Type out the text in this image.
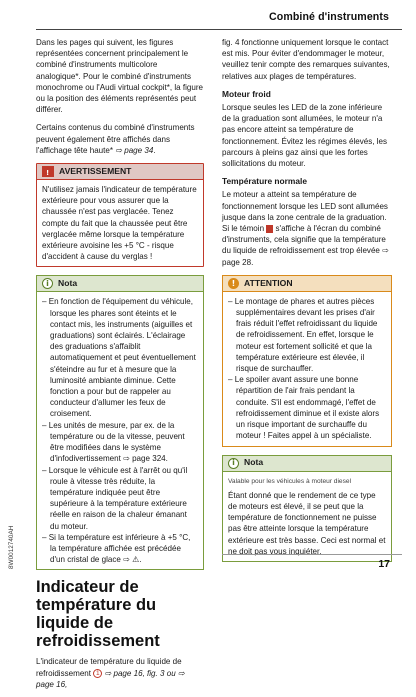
Combiné d'instruments
8W0012740AH

Dans les pages qui suivent, les figures représentées concernent principalement le combiné d'instruments multicolore analogique*. Pour le combiné d'instruments monochrome ou l'Audi virtual cockpit*, la figure ou la position des éléments représentés peut différer.

Certains contenus du combiné d'instruments peuvent également être affichés dans l'affichage tête haute* ⇨ page 34.

! AVERTISSEMENT
N'utilisez jamais l'indicateur de température extérieure pour vous assurer que la chaussée n'est pas verglacée. Tenez compte du fait que la chaussée peut être verglacée même lorsque la température extérieure avoisine les +5 °C - risque d'accident à cause du verglas !
i	Nota
– En fonction de l'équipement du véhicule, lorsque les phares sont éteints et le contact mis, les instruments (aiguilles et graduations) sont éclairés. L'éclairage des graduations s'affaiblit automatiquement et peut éventuellement s'éteindre au fur et à mesure que la luminosité ambiante diminue. Cette fonction a pour but de rappeler au conducteur d'allumer les feux de croisement.
– Les unités de mesure, par ex. de la température ou de la vitesse, peuvent être modifiées dans le système d'infodivertissement ⇨ page 324.
– Lorsque le véhicule est à l'arrêt ou qu'il roule à vitesse très réduite, la température indiquée peut être supérieure à la température extérieure réelle en raison de la chaleur émanant du moteur.
– Si la température est inférieure à +5 °C, la température affichée est précédée d'un cristal de glace ⇨ ⚠.
Indicateur de température du liquide de refroidissement

L'indicateur de température du liquide de refroidissement 1 ⇨ page 16, fig. 3 ou ⇨ page 16,

fig. 4 fonctionne uniquement lorsque le contact est mis. Pour éviter d'endommager le moteur, veuillez tenir compte des remarques suivantes, relatives aux plages de températures.

Moteur froid

Lorsque seules les LED de la zone inférieure de la graduation sont allumées, le moteur n'a pas encore atteint sa température de fonctionnement. Évitez les régimes élevés, les parcours à pleins gaz ainsi que les fortes sollicitations du moteur.

Température normale

Le moteur a atteint sa température de fonctionnement lorsque les LED sont allumées jusque dans la zone centrale de la graduation. Si le témoin  s'affiche à l'écran du combiné d'instruments, cela signifie que la température du liquide de refroidissement est trop élevée ⇨ page 28.

!	ATTENTION
– Le montage de phares et autres pièces supplémentaires devant les prises d'air frais réduit l'effet refroidissant du liquide de refroidissement. En effet, lorsque le moteur est fortement sollicité et que la température extérieure est élevée, il risque de surchauffer.
– Le spoiler avant assure une bonne répartition de l'air frais pendant la conduite. S'il est endommagé, l'effet de refroidissement diminue et il existe alors un risque important de surchauffe du moteur ! Faites appel à un spécialiste.
i	Nota
Valable pour les véhicules à moteur diesel
Étant donné que le rendement de ce type de moteurs est élevé, il se peut que la température de fonctionnement ne puisse pas être atteinte lorsque la température extérieure est très basse. Ceci est normal et ne doit pas vous inquiéter.
17
